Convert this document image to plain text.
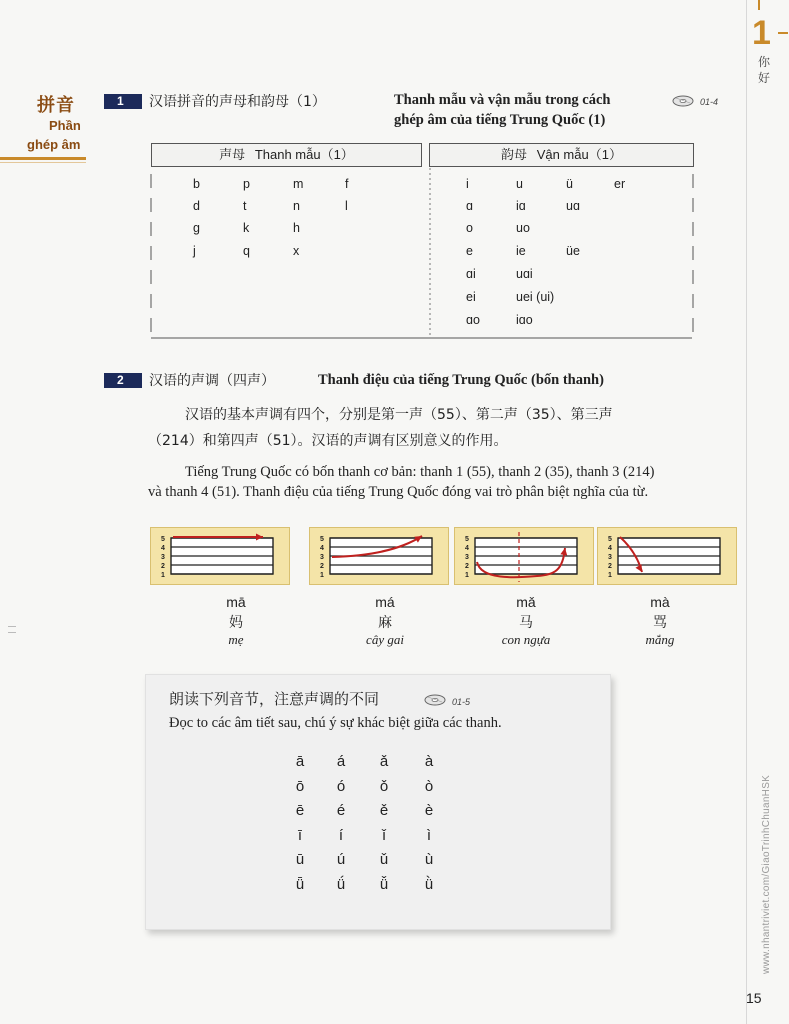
1
你
好
www.nhantriviet.com/GiaoTrinhChuanHSK
15
拼音
Phần
ghép âm
1	汉语拼音的声母和韵母（1）	Thanh mẫu và vận mẫu trong cách
ghép âm của tiếng Trung Quốc (1)
01-4
声母 Thanh mẫu（1）	韵母 Vận mẫu（1）
b	p	m	f
d	t	n	l
g	k	h
j	q	x
i	u	ü	er
ɑ	iɑ	uɑ
o	uo
e	ie	üe
ɑi	uɑi
ei	uei (ui)
ɑo	iɑo
2	汉语的声调（四声）	Thanh điệu của tiếng Trung Quốc (bốn thanh)
汉语的基本声调有四个，分别是第一声（55）、第二声（35）、第三声
（214）和第四声（51）。汉语的声调有区别意义的作用。
Tiếng Trung Quốc có bốn thanh cơ bản: thanh 1 (55), thanh 2 (35), thanh 3 (214)
và thanh 4 (51). Thanh điệu của tiếng Trung Quốc đóng vai trò phân biệt nghĩa của từ.
5
4
3
2
1
5
4
3
2
1
5
4
3
2
1
5
4
3
2
1
mā
妈
mẹ
má
麻
cây gai
mǎ
马
con ngựa
mà
骂
mắng
朗读下列音节，注意声调的不同	01-5
Đọc to các âm tiết sau, chú ý sự khác biệt giữa các thanh.
ā	á	ǎ	à
ō	ó	ǒ	ò
ē	é	ě	è
ī	í	ǐ	ì
ū	ú	ǔ	ù
ǖ	ǘ	ǚ	ǜ
